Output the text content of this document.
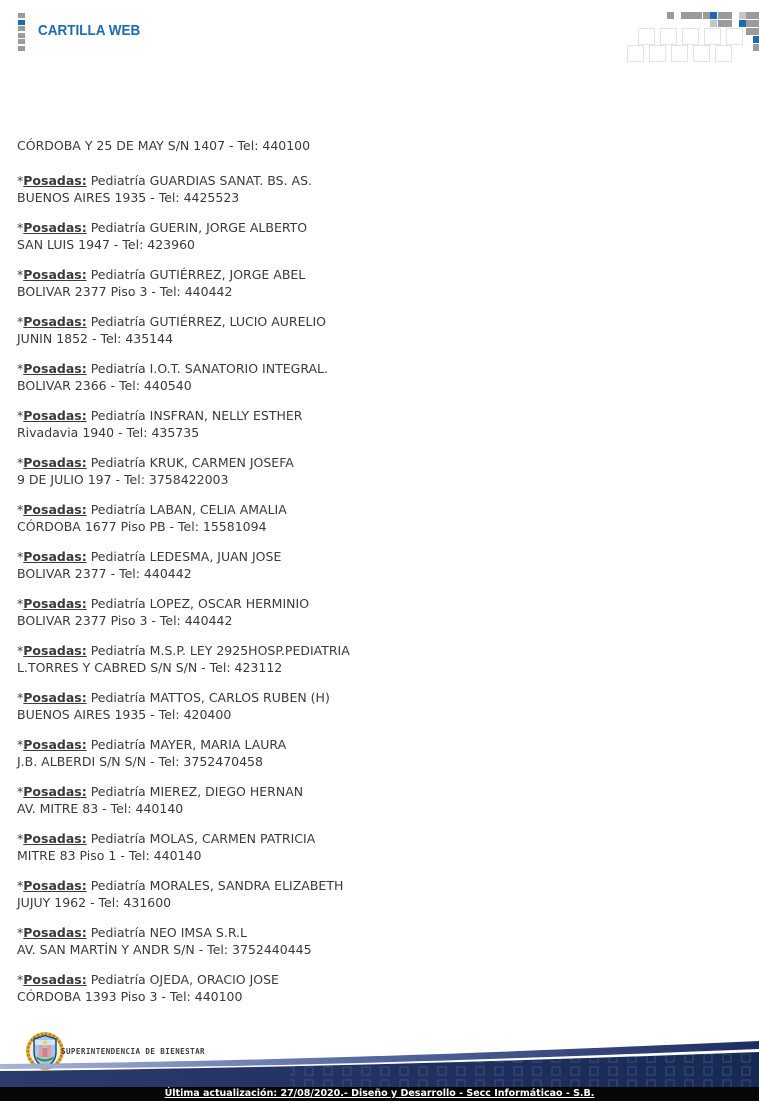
CARTILLA WEB
CÓRDOBA Y 25 DE MAY S/N 1407 - Tel: 440100
*Posadas: Pediatría GUARDIAS SANAT. BS. AS.
BUENOS AIRES 1935 - Tel: 4425523
*Posadas: Pediatría GUERIN, JORGE ALBERTO
SAN LUIS 1947 - Tel: 423960
*Posadas: Pediatría GUTIÉRREZ, JORGE ABEL
BOLIVAR 2377 Piso 3 - Tel: 440442
*Posadas: Pediatría GUTIÉRREZ, LUCIO AURELIO
JUNIN 1852 - Tel: 435144
*Posadas: Pediatría I.O.T. SANATORIO INTEGRAL.
BOLIVAR 2366 - Tel: 440540
*Posadas: Pediatría INSFRAN, NELLY ESTHER
Rivadavia 1940 - Tel: 435735
*Posadas: Pediatría KRUK, CARMEN JOSEFA
9 DE JULIO 197 - Tel: 3758422003
*Posadas: Pediatría LABAN, CELIA AMALIA
CÓRDOBA 1677 Piso PB - Tel: 15581094
*Posadas: Pediatría LEDESMA, JUAN JOSE
BOLIVAR 2377 - Tel: 440442
*Posadas: Pediatría LOPEZ, OSCAR HERMINIO
BOLIVAR 2377 Piso 3 - Tel: 440442
*Posadas: Pediatría M.S.P. LEY 2925HOSP.PEDIATRIA
L.TORRES Y CABRED S/N S/N - Tel: 423112
*Posadas: Pediatría MATTOS, CARLOS RUBEN (H)
BUENOS AIRES 1935 - Tel: 420400
*Posadas: Pediatría MAYER, MARIA LAURA
J.B. ALBERDI S/N S/N - Tel: 3752470458
*Posadas: Pediatría MIEREZ, DIEGO HERNAN
AV. MITRE 83 - Tel: 440140
*Posadas: Pediatría MOLAS, CARMEN PATRICIA
MITRE 83 Piso 1 - Tel: 440140
*Posadas: Pediatría MORALES, SANDRA ELIZABETH
JUJUY 1962 - Tel: 431600
*Posadas: Pediatría NEO IMSA S.R.L
AV. SAN MARTÍN Y ANDR S/N - Tel: 3752440445
*Posadas: Pediatría OJEDA, ORACIO JOSE
CÓRDOBA 1393 Piso 3 - Tel: 440100
SUPERINTENDENCIA DE BIENESTAR
Última actualización: 27/08/2020.- Diseño y Desarrollo - Secc Informáticao - S.B.
